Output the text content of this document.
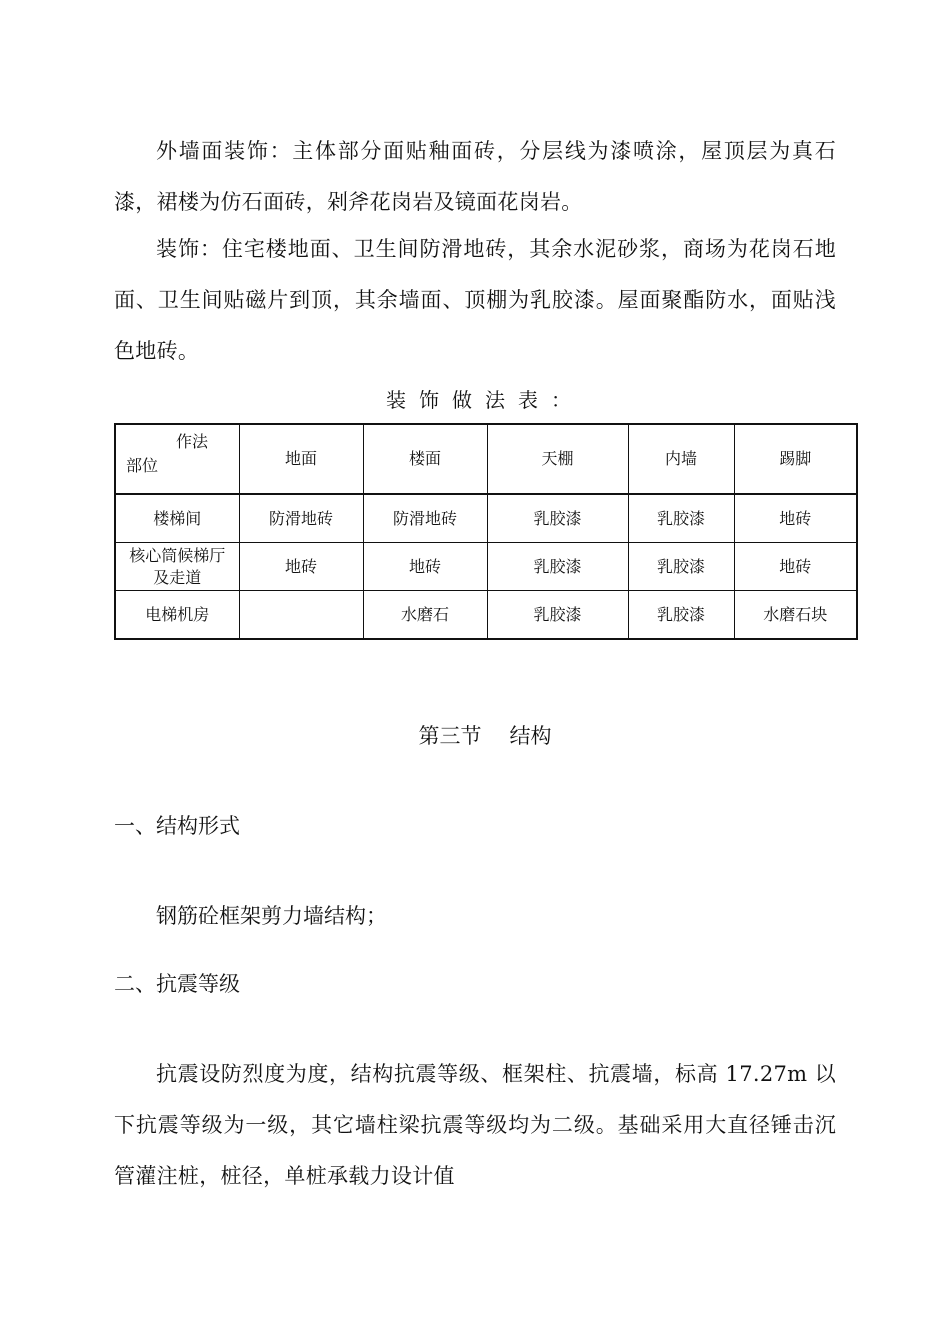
外墙面装饰：主体部分面贴釉面砖，分层线为漆喷涂，屋顶层为真石漆，裙楼为仿石面砖，剁斧花岗岩及镜面花岗岩。

装饰：住宅楼地面、卫生间防滑地砖，其余水泥砂浆，商场为花岗石地面、卫生间贴磁片到顶，其余墙面、顶棚为乳胶漆。屋面聚酯防水，面贴浅色地砖。

装饰做法表：
作法
部位	地面	楼面	天棚	内墙	踢脚
楼梯间	防滑地砖	防滑地砖	乳胶漆	乳胶漆	地砖
核心筒候梯厅及走道	地砖	地砖	乳胶漆	乳胶漆	地砖
电梯机房		水磨石	乳胶漆	乳胶漆	水磨石块
第三节 结构

一、结构形式

钢筋砼框架剪力墙结构；

二、抗震等级

抗震设防烈度为度，结构抗震等级、框架柱、抗震墙，标高 17.27m 以下抗震等级为一级，其它墙柱梁抗震等级均为二级。基础采用大直径锤击沉管灌注桩，桩径，单桩承载力设计值
